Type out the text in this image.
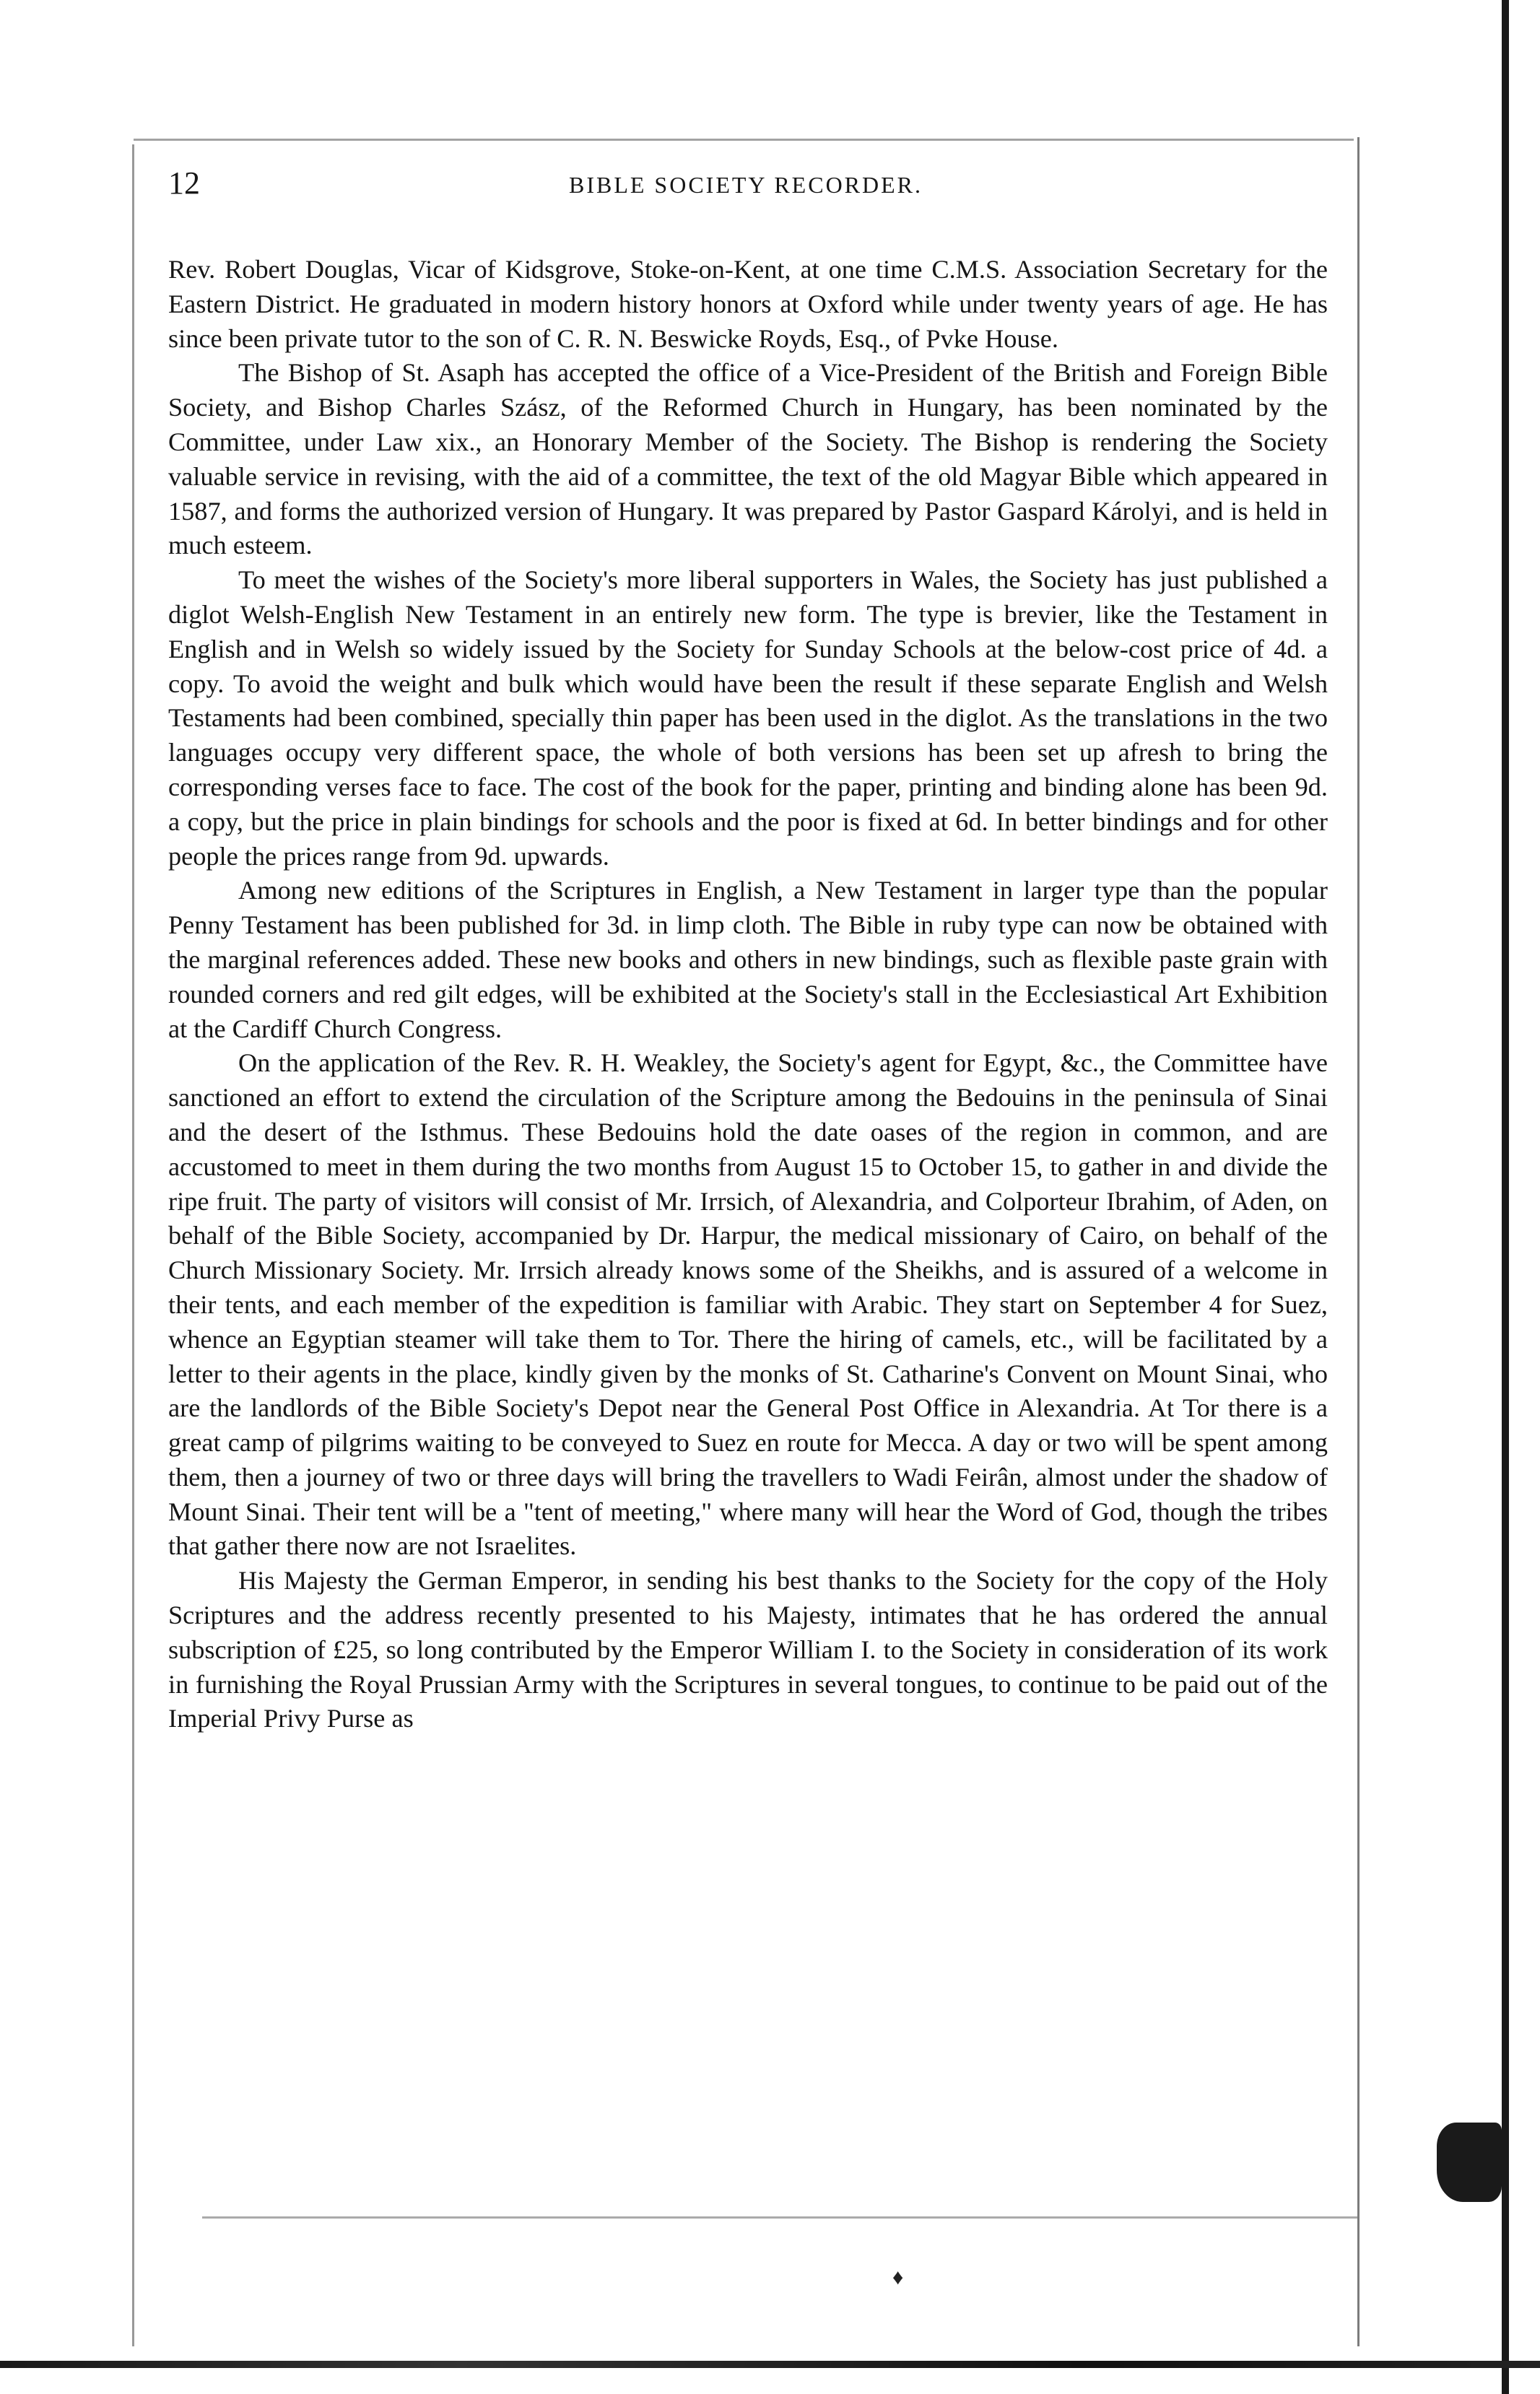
12	BIBLE SOCIETY RECORDER.

Rev. Robert Douglas, Vicar of Kidsgrove, Stoke-on-Kent, at one time C.M.S. Association Secretary for the Eastern District. He graduated in modern history honors at Oxford while under twenty years of age. He has since been private tutor to the son of C. R. N. Beswicke Royds, Esq., of Pvke House.

The Bishop of St. Asaph has accepted the office of a Vice-President of the British and Foreign Bible Society, and Bishop Charles Szász, of the Reformed Church in Hungary, has been nominated by the Committee, under Law xix., an Honorary Member of the Society. The Bishop is rendering the Society valuable service in revising, with the aid of a committee, the text of the old Magyar Bible which appeared in 1587, and forms the authorized version of Hungary. It was prepared by Pastor Gaspard Károlyi, and is held in much esteem.

To meet the wishes of the Society's more liberal supporters in Wales, the Society has just published a diglot Welsh-English New Testament in an entirely new form. The type is brevier, like the Testament in English and in Welsh so widely issued by the Society for Sunday Schools at the below-cost price of 4d. a copy. To avoid the weight and bulk which would have been the result if these separate English and Welsh Testaments had been combined, specially thin paper has been used in the diglot. As the translations in the two languages occupy very different space, the whole of both versions has been set up afresh to bring the corresponding verses face to face. The cost of the book for the paper, printing and binding alone has been 9d. a copy, but the price in plain bindings for schools and the poor is fixed at 6d. In better bindings and for other people the prices range from 9d. upwards.

Among new editions of the Scriptures in English, a New Testament in larger type than the popular Penny Testament has been published for 3d. in limp cloth. The Bible in ruby type can now be obtained with the marginal references added. These new books and others in new bindings, such as flexible paste grain with rounded corners and red gilt edges, will be exhibited at the Society's stall in the Ecclesiastical Art Exhibition at the Cardiff Church Congress.

On the application of the Rev. R. H. Weakley, the Society's agent for Egypt, &c., the Committee have sanctioned an effort to extend the circulation of the Scripture among the Bedouins in the peninsula of Sinai and the desert of the Isthmus. These Bedouins hold the date oases of the region in common, and are accustomed to meet in them during the two months from August 15 to October 15, to gather in and divide the ripe fruit. The party of visitors will consist of Mr. Irrsich, of Alexandria, and Colporteur Ibrahim, of Aden, on behalf of the Bible Society, accompanied by Dr. Harpur, the medical missionary of Cairo, on behalf of the Church Missionary Society. Mr. Irrsich already knows some of the Sheikhs, and is assured of a welcome in their tents, and each member of the expedition is familiar with Arabic. They start on September 4 for Suez, whence an Egyptian steamer will take them to Tor. There the hiring of camels, etc., will be facilitated by a letter to their agents in the place, kindly given by the monks of St. Catharine's Convent on Mount Sinai, who are the landlords of the Bible Society's Depot near the General Post Office in Alexandria. At Tor there is a great camp of pilgrims waiting to be conveyed to Suez en route for Mecca. A day or two will be spent among them, then a journey of two or three days will bring the travellers to Wadi Feirân, almost under the shadow of Mount Sinai. Their tent will be a "tent of meeting," where many will hear the Word of God, though the tribes that gather there now are not Israelites.

His Majesty the German Emperor, in sending his best thanks to the Society for the copy of the Holy Scriptures and the address recently presented to his Majesty, intimates that he has ordered the annual subscription of £25, so long contributed by the Emperor William I. to the Society in consideration of its work in furnishing the Royal Prussian Army with the Scriptures in several tongues, to continue to be paid out of the Imperial Privy Purse as

♦
